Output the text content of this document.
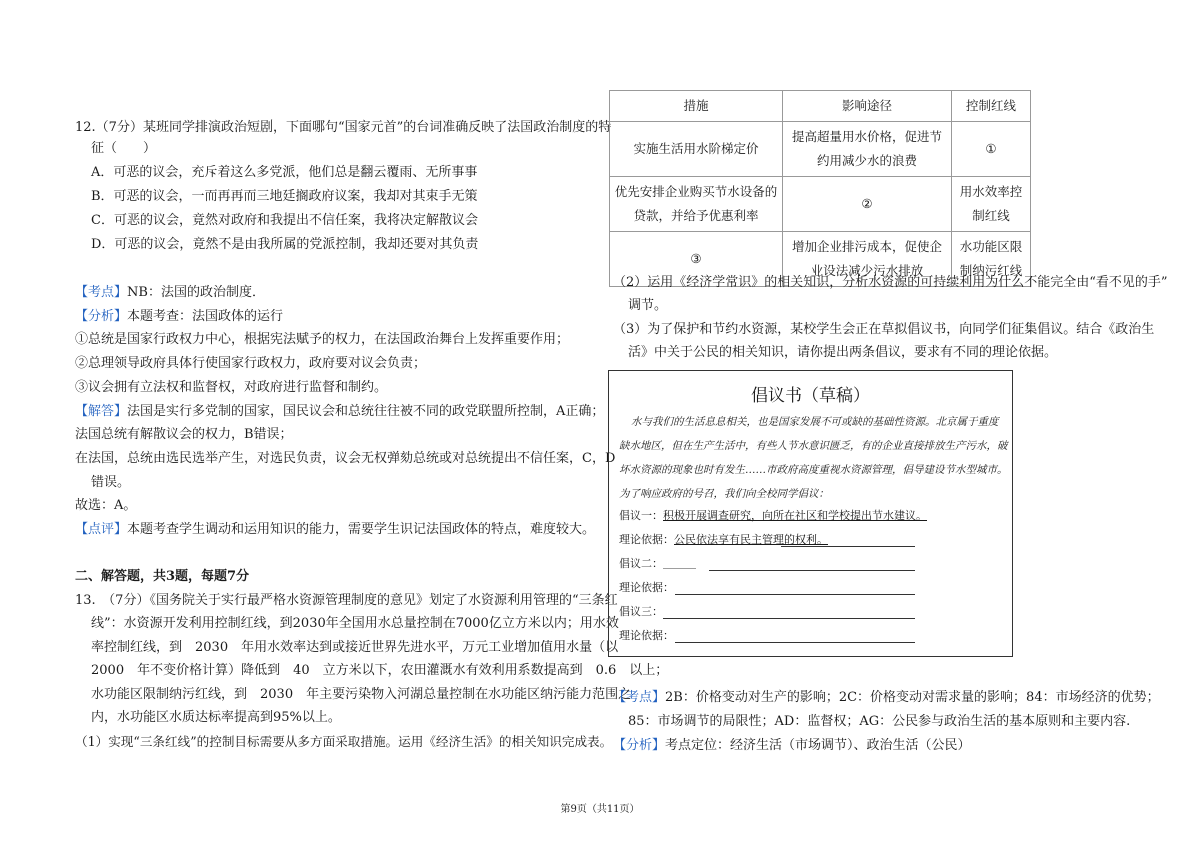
12.（7分）某班同学排演政治短剧，下面哪句“国家元首”的台词准确反映了法国政治制度的特
征（　　）
A．可恶的议会，充斥着这么多党派，他们总是翻云覆雨、无所事事
B．可恶的议会，一而再再而三地廷搁政府议案，我却对其束手无策
C．可恶的议会，竟然对政府和我提出不信任案，我将决定解散议会
D．可恶的议会，竟然不是由我所属的党派控制，我却还要对其负责
【考点】NB：法国的政治制度．
【分析】本题考查：法国政体的运行
①总统是国家行政权力中心，根据宪法赋予的权力，在法国政治舞台上发挥重要作用；
②总理领导政府具体行使国家行政权力，政府要对议会负责；
③议会拥有立法权和监督权，对政府进行监督和制约。
【解答】法国是实行多党制的国家，国民议会和总统往往被不同的政党联盟所控制，A正确；
法国总统有解散议会的权力，B错误；
在法国，总统由选民选举产生，对选民负责，议会无权弹劾总统或对总统提出不信任案，C，D
错误。
故选：A。
【点评】本题考查学生调动和运用知识的能力，需要学生识记法国政体的特点，难度较大。
二、解答题，共3题，每题7分
13.　（7分）《国务院关于实行最严格水资源管理制度的意见》划定了水资源利用管理的“三条红
线”：水资源开发利用控制红线，到2030年全国用水总量控制在7000亿立方米以内；用水效
率控制红线，到　2030　年用水效率达到或接近世界先进水平，万元工业增加值用水量（以
2000　年不变价格计算）降低到　40　立方米以下，农田灌溉水有效利用系数提高到　0.6　以上；
水功能区限制纳污红线，到　2030　年主要污染物入河湖总量控制在水功能区纳污能力范围之
内，水功能区水质达标率提高到95%以上。
（1）实现“三条红线”的控制目标需要从多方面采取措施。运用《经济生活》的相关知识完成表。
措施	影响途径	控制红线
实施生活用水阶梯定价	提高超量用水价格，促进节约用减少水的浪费	①
优先安排企业购买节水设备的贷款，并给予优惠利率	②	用水效率控制红线
③	增加企业排污成本，促使企业设法减少污水排放	水功能区限制纳污红线
（2）运用《经济学常识》的相关知识，分析水资源的可持续利用为什么不能完全由“看不见的手”
调节。
（3）为了保护和节约水资源，某校学生会正在草拟倡议书，向同学们征集倡议。结合《政治生
活》中关于公民的相关知识，请你提出两条倡议，要求有不同的理论依据。
倡议书（草稿）
水与我们的生活息息相关，也是国家发展不可或缺的基础性资源。北京属于重度
缺水地区，但在生产生活中，有些人节水意识匮乏，有的企业直接排放生产污水，破
坏水资源的现象也时有发生……市政府高度重视水资源管理，倡导建设节水型城市。
为了响应政府的号召，我们向全校同学倡议：
倡议一：积极开展调查研究，向所在社区和学校提出节水建议。
理论依据：公民依法享有民主管理的权利。
倡议二：＿＿＿
理论依据：
倡议三：
理论依据：
【考点】2B：价格变动对生产的影响；2C：价格变动对需求量的影响；84：市场经济的优势；
85：市场调节的局限性；AD：监督权；AG：公民参与政治生活的基本原则和主要内容.
【分析】考点定位：经济生活（市场调节）、政治生活（公民）
第9页（共11页）
